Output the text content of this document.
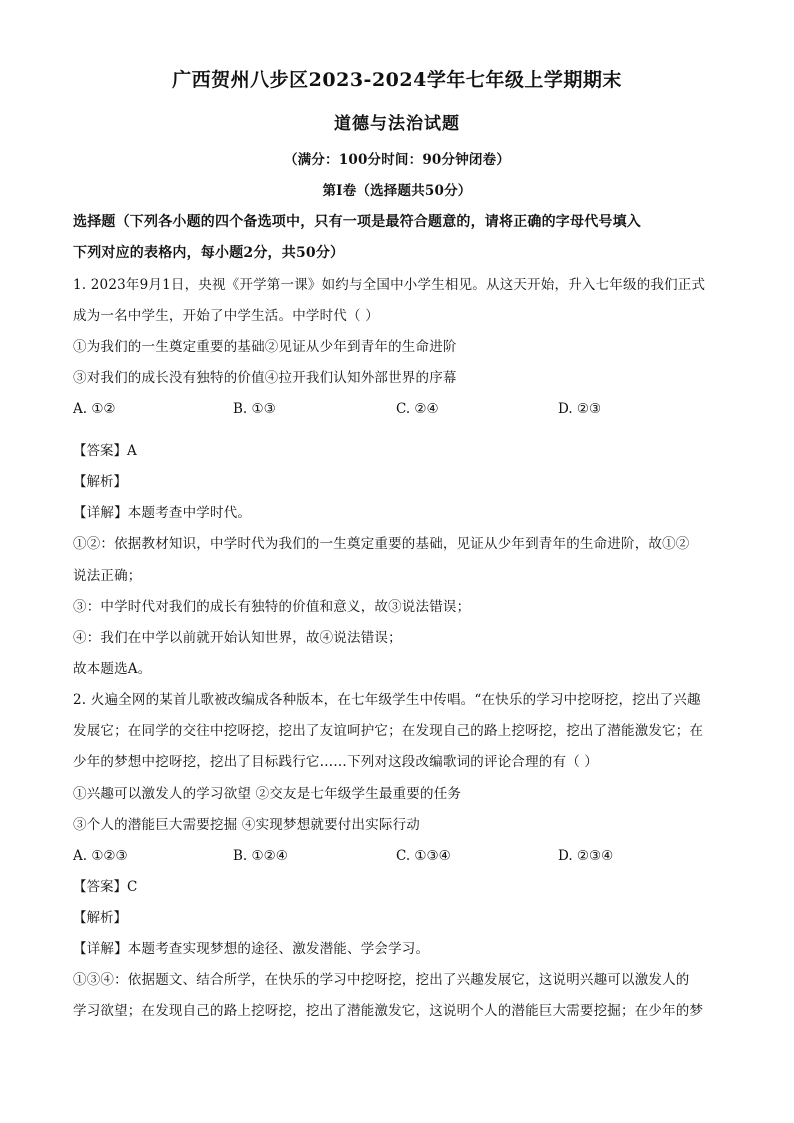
广西贺州八步区2023-2024学年七年级上学期期末
道德与法治试题
（满分：100分时间：90分钟闭卷）
第Ⅰ卷（选择题共50分）
选择题（下列各小题的四个备选项中，只有一项是最符合题意的，请将正确的字母代号填入
下列对应的表格内，每小题2分，共50分）
1. 2023年9月1日，央视《开学第一课》如约与全国中小学生相见。从这天开始，升入七年级的我们正式
成为一名中学生，开始了中学生活。中学时代（ ）
①为我们的一生奠定重要的基础②见证从少年到青年的生命进阶
③对我们的成长没有独特的价值④拉开我们认知外部世界的序幕
A. ①②	B. ①③	C. ②④	D. ②③
【答案】A
【解析】
【详解】本题考查中学时代。
①②：依据教材知识，中学时代为我们的一生奠定重要的基础，见证从少年到青年的生命进阶，故①②
说法正确；
③：中学时代对我们的成长有独特的价值和意义，故③说法错误；
④：我们在中学以前就开始认知世界，故④说法错误；
故本题选A。
2. 火遍全网的某首儿歌被改编成各种版本，在七年级学生中传唱。“在快乐的学习中挖呀挖，挖出了兴趣
发展它；在同学的交往中挖呀挖，挖出了友谊呵护它；在发现自己的路上挖呀挖，挖出了潜能激发它；在
少年的梦想中挖呀挖，挖出了目标践行它……下列对这段改编歌词的评论合理的有（ ）
①兴趣可以激发人的学习欲望 ②交友是七年级学生最重要的任务
③个人的潜能巨大需要挖掘 ④实现梦想就要付出实际行动
A. ①②③	B. ①②④	C. ①③④	D. ②③④
【答案】C
【解析】
【详解】本题考查实现梦想的途径、激发潜能、学会学习。
①③④：依据题文、结合所学，在快乐的学习中挖呀挖，挖出了兴趣发展它，这说明兴趣可以激发人的
学习欲望；在发现自己的路上挖呀挖，挖出了潜能激发它，这说明个人的潜能巨大需要挖掘；在少年的梦
